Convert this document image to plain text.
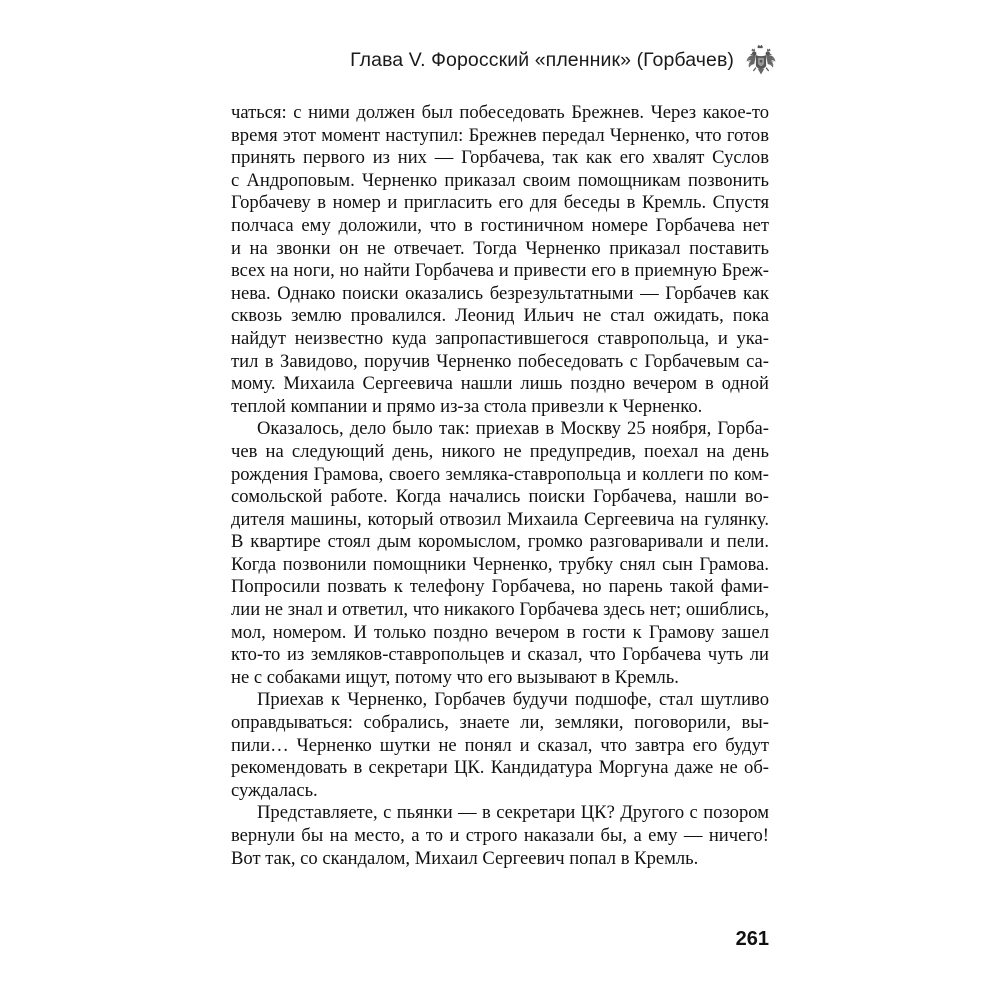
Глава V. Форосский «пленник» (Горбачев)
чаться: с ними должен был побеседовать Брежнев. Через какое-то
время этот момент наступил: Брежнев передал Черненко, что готов
принять первого из них — Горбачева, так как его хвалят Суслов
с Андроповым. Черненко приказал своим помощникам позвонить
Горбачеву в номер и пригласить его для беседы в Кремль. Спустя
полчаса ему доложили, что в гостиничном номере Горбачева нет
и на звонки он не отвечает. Тогда Черненко приказал поставить
всех на ноги, но найти Горбачева и привести его в приемную Бреж-
нева. Однако поиски оказались безрезультатными — Горбачев как
сквозь землю провалился. Леонид Ильич не стал ожидать, пока
найдут неизвестно куда запропастившегося ставропольца, и ука-
тил в Завидово, поручив Черненко побеседовать с Горбачевым са-
мому. Михаила Сергеевича нашли лишь поздно вечером в одной
теплой компании и прямо из-за стола привезли к Черненко.
Оказалось, дело было так: приехав в Москву 25 ноября, Горба-
чев на следующий день, никого не предупредив, поехал на день
рождения Грамова, своего земляка-ставропольца и коллеги по ком-
сомольской работе. Когда начались поиски Горбачева, нашли во-
дителя машины, который отвозил Михаила Сергеевича на гулянку.
В квартире стоял дым коромыслом, громко разговаривали и пели.
Когда позвонили помощники Черненко, трубку снял сын Грамова.
Попросили позвать к телефону Горбачева, но парень такой фами-
лии не знал и ответил, что никакого Горбачева здесь нет; ошиблись,
мол, номером. И только поздно вечером в гости к Грамову зашел
кто-то из земляков-ставропольцев и сказал, что Горбачева чуть ли
не с собаками ищут, потому что его вызывают в Кремль.
Приехав к Черненко, Горбачев будучи подшофе, стал шутливо
оправдываться: собрались, знаете ли, земляки, поговорили, вы-
пили… Черненко шутки не понял и сказал, что завтра его будут
рекомендовать в секретари ЦК. Кандидатура Моргуна даже не об-
суждалась.
Представляете, с пьянки — в секретари ЦК? Другого с позором
вернули бы на место, а то и строго наказали бы, а ему — ничего!
Вот так, со скандалом, Михаил Сергеевич попал в Кремль.
261
